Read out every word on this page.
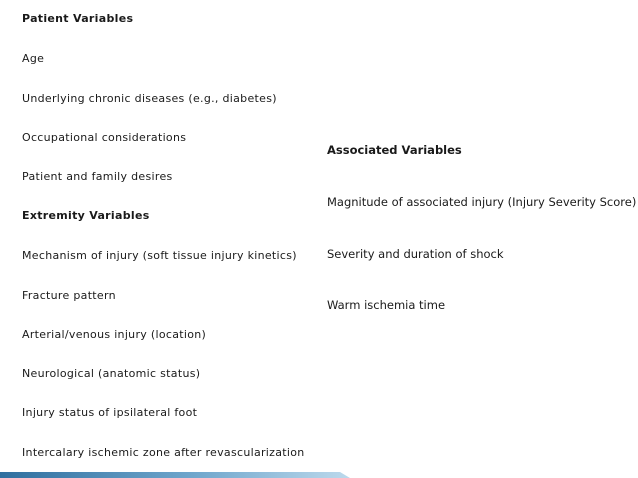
Patient Variables
Age
Underlying chronic diseases (e.g., diabetes)
Occupational considerations
Patient and family desires
Extremity Variables
Mechanism of injury (soft tissue injury kinetics)
Fracture pattern
Arterial/venous injury (location)
Neurological (anatomic status)
Injury status of ipsilateral foot
Intercalary ischemic zone after revascularization
Associated Variables
Magnitude of associated injury (Injury Severity Score)
Severity and duration of shock
Warm ischemia time
